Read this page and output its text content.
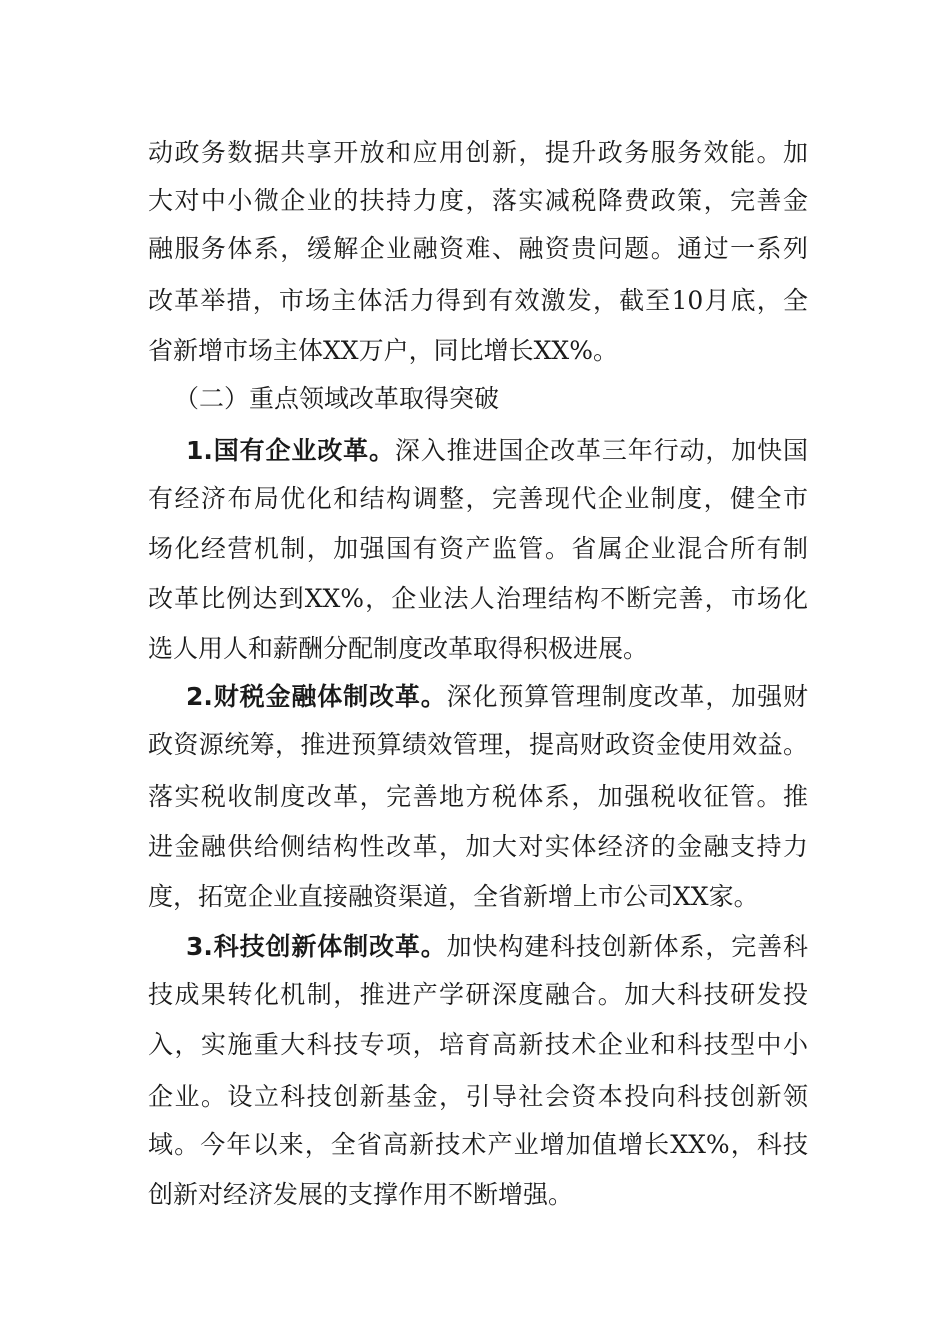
动政务数据共享开放和应用创新，提升政务服务效能。加
大对中小微企业的扶持力度，落实减税降费政策，完善金
融服务体系，缓解企业融资难、融资贵问题。通过一系列
改革举措，市场主体活力得到有效激发，截至10月底，全
省新增市场主体XX万户，同比增长XX%。
（二）重点领域改革取得突破
1.国有企业改革。深入推进国企改革三年行动，加快国
有经济布局优化和结构调整，完善现代企业制度，健全市
场化经营机制，加强国有资产监管。省属企业混合所有制
改革比例达到XX%，企业法人治理结构不断完善，市场化
选人用人和薪酬分配制度改革取得积极进展。
2.财税金融体制改革。深化预算管理制度改革，加强财
政资源统筹，推进预算绩效管理，提高财政资金使用效益。
落实税收制度改革，完善地方税体系，加强税收征管。推
进金融供给侧结构性改革，加大对实体经济的金融支持力
度，拓宽企业直接融资渠道，全省新增上市公司XX家。
3.科技创新体制改革。加快构建科技创新体系，完善科
技成果转化机制，推进产学研深度融合。加大科技研发投
入，实施重大科技专项，培育高新技术企业和科技型中小
企业。设立科技创新基金，引导社会资本投向科技创新领
域。今年以来，全省高新技术产业增加值增长XX%，科技
创新对经济发展的支撑作用不断增强。
